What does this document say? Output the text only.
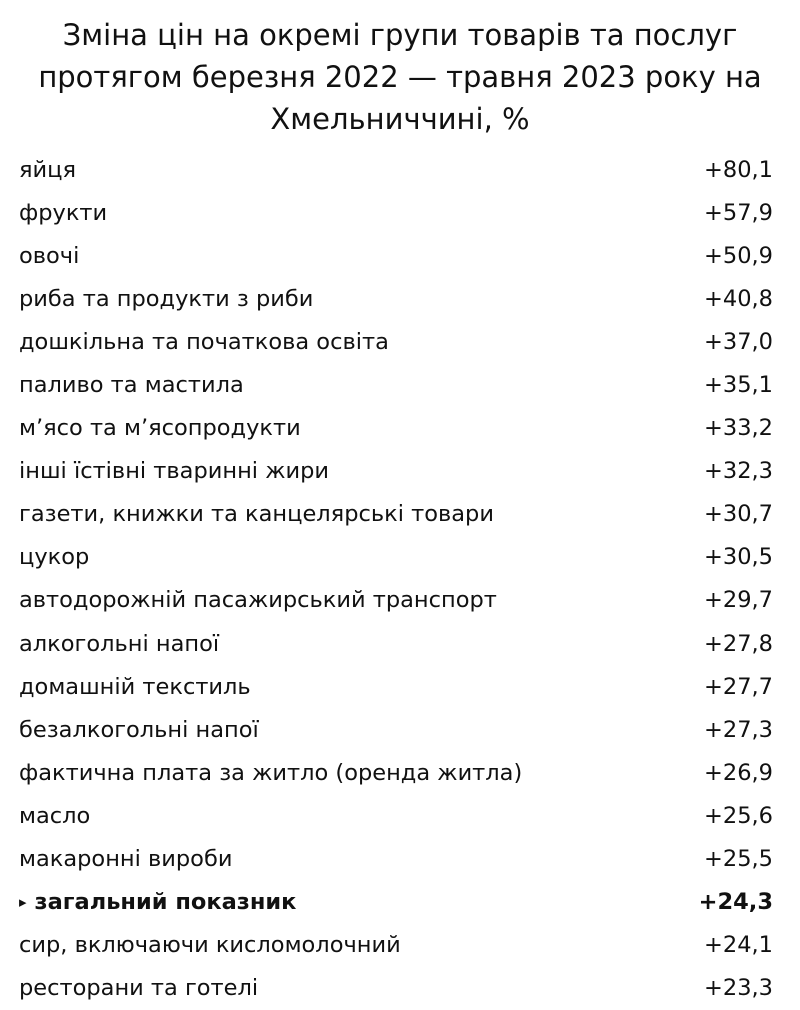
Зміна цін на окремі групи товарів та послуг
протягом березня 2022 — травня 2023 року на
Хмельниччині, %
яйця	+80,1
фрукти	+57,9
овочі	+50,9
риба та продукти з риби	+40,8
дошкільна та початкова освіта	+37,0
паливо та мастила	+35,1
м’ясо та м’ясопродукти	+33,2
інші їстівні тваринні жири	+32,3
газети, книжки та канцелярські товари	+30,7
цукор	+30,5
автодорожній пасажирський транспорт	+29,7
алкогольні напої	+27,8
домашній текстиль	+27,7
безалкогольні напої	+27,3
фактична плата за житло (оренда житла)	+26,9
масло	+25,6
макаронні вироби	+25,5
▸ загальний показник	+24,3
сир, включаючи кисломолочний	+24,1
ресторани та готелі	+23,3
